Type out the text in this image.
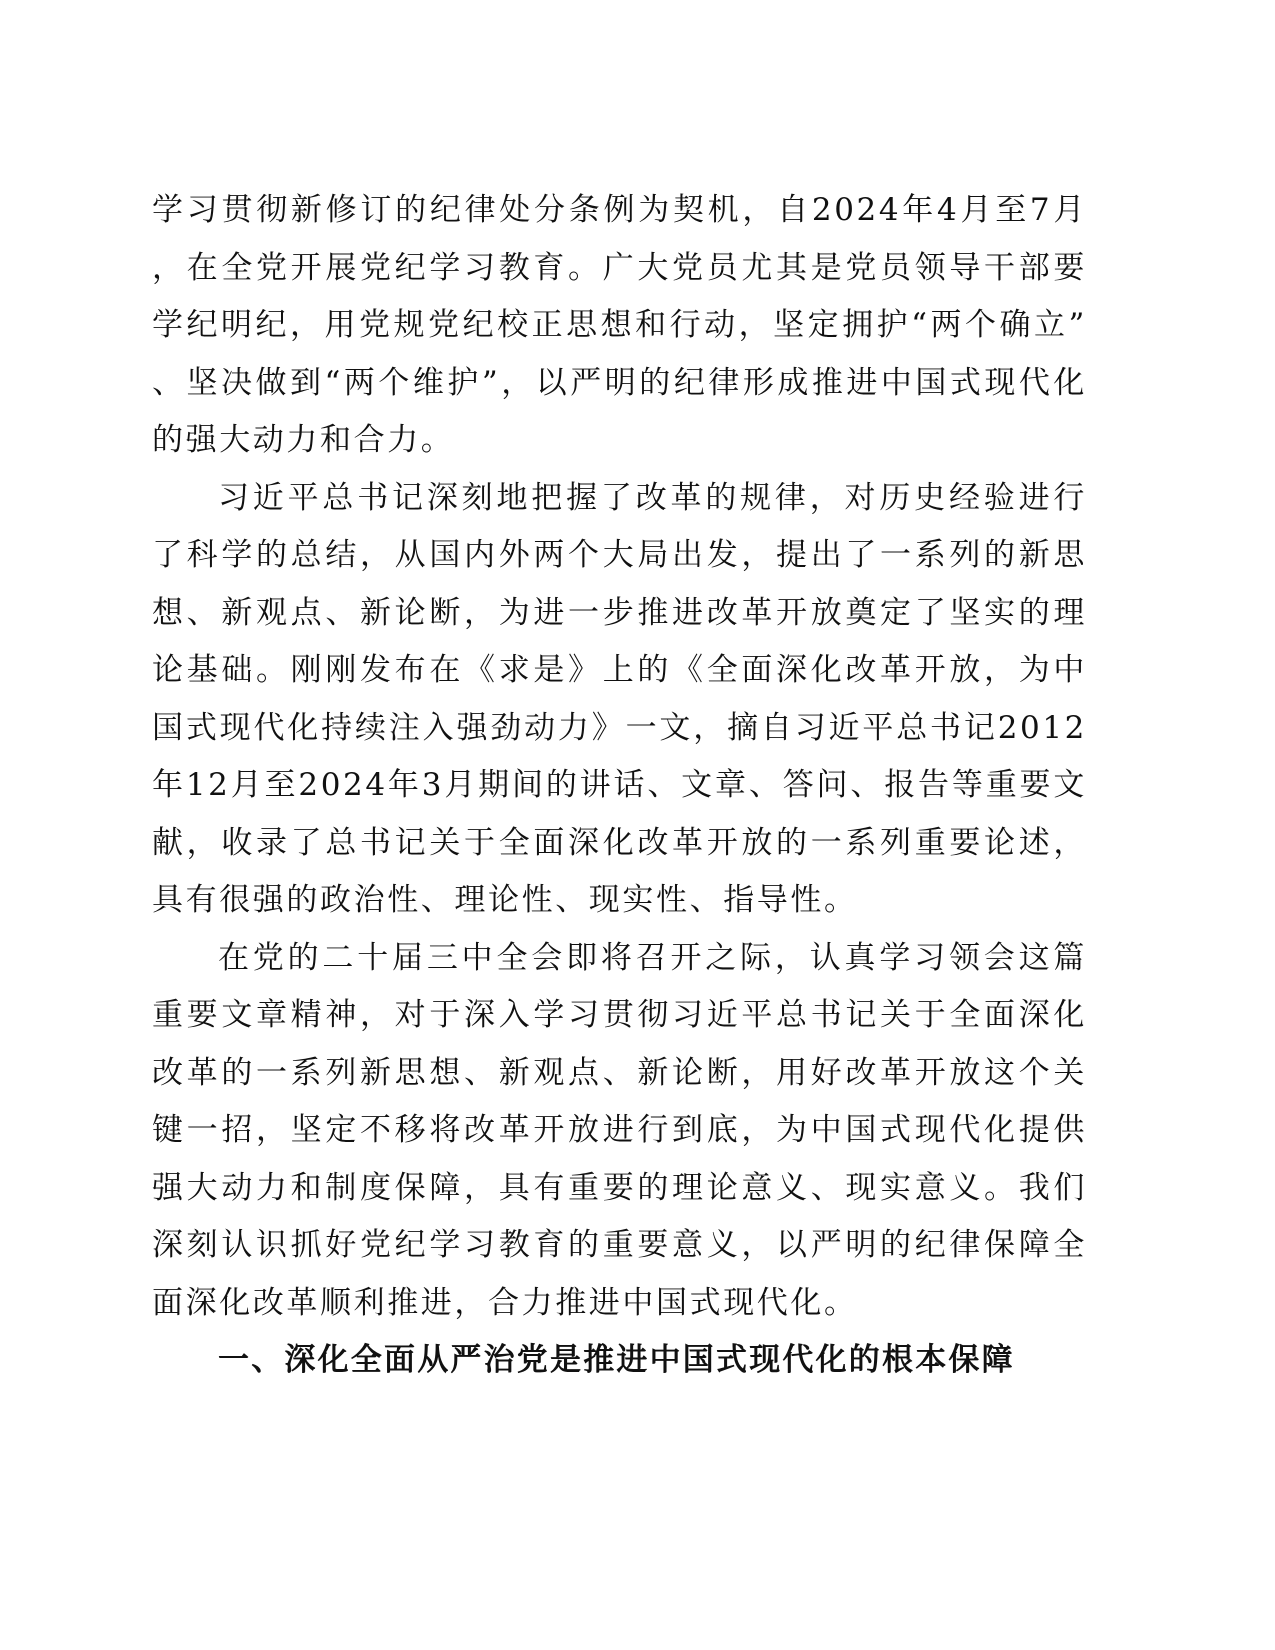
学习贯彻新修订的纪律处分条例为契机，自2024年4月至7月，在全党开展党纪学习教育。广大党员尤其是党员领导干部要学纪明纪，用党规党纪校正思想和行动，坚定拥护“两个确立”、坚决做到“两个维护”，以严明的纪律形成推进中国式现代化的强大动力和合力。

习近平总书记深刻地把握了改革的规律，对历史经验进行了科学的总结，从国内外两个大局出发，提出了一系列的新思想、新观点、新论断，为进一步推进改革开放奠定了坚实的理论基础。刚刚发布在《求是》上的《全面深化改革开放，为中国式现代化持续注入强劲动力》一文，摘自习近平总书记2012年12月至2024年3月期间的讲话、文章、答问、报告等重要文献，收录了总书记关于全面深化改革开放的一系列重要论述，具有很强的政治性、理论性、现实性、指导性。

在党的二十届三中全会即将召开之际，认真学习领会这篇重要文章精神，对于深入学习贯彻习近平总书记关于全面深化改革的一系列新思想、新观点、新论断，用好改革开放这个关键一招，坚定不移将改革开放进行到底，为中国式现代化提供强大动力和制度保障，具有重要的理论意义、现实意义。我们深刻认识抓好党纪学习教育的重要意义，以严明的纪律保障全面深化改革顺利推进，合力推进中国式现代化。

一、深化全面从严治党是推进中国式现代化的根本保障
